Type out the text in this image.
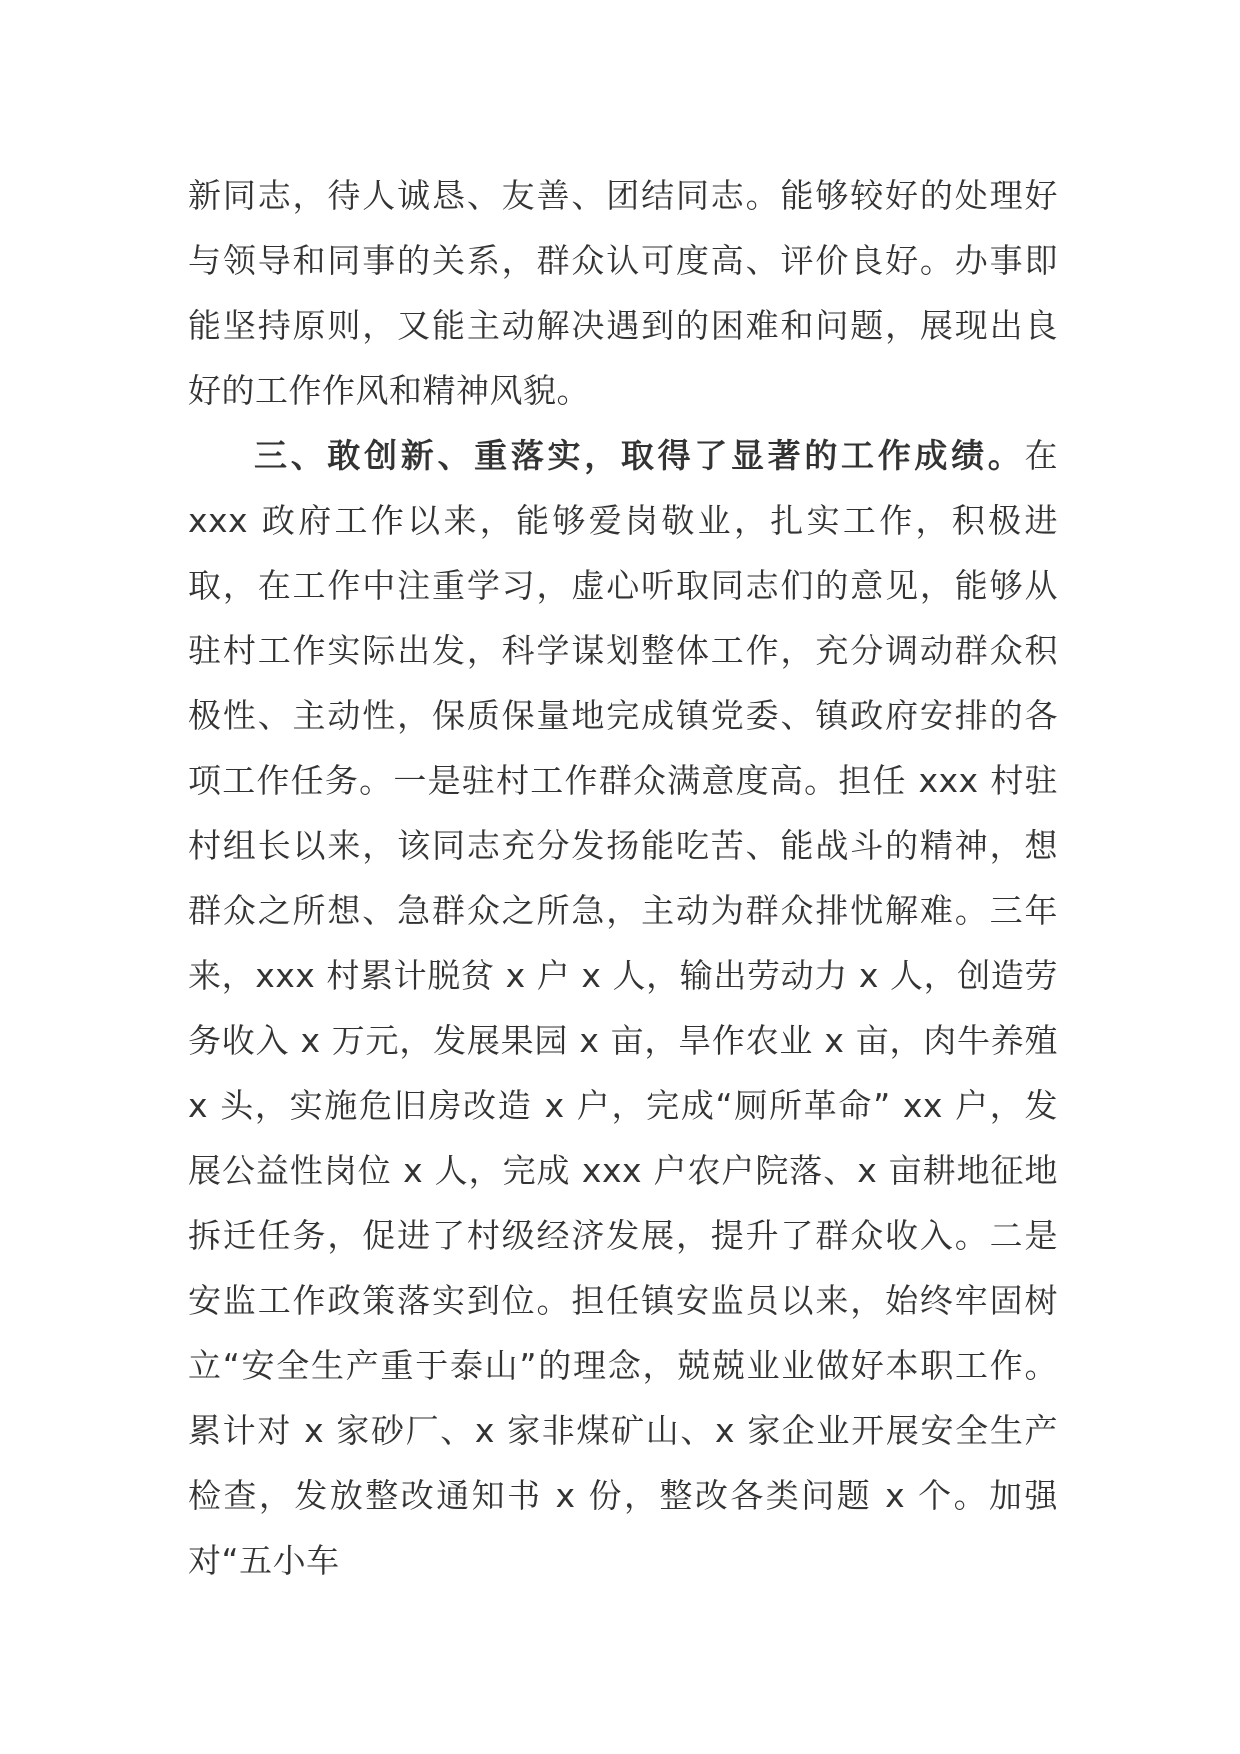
新同志，待人诚恳、友善、团结同志。能够较好的处理好与领导和同事的关系，群众认可度高、评价良好。办事即能坚持原则，又能主动解决遇到的困难和问题，展现出良好的工作作风和精神风貌。

三、敢创新、重落实，取得了显著的工作成绩。在 xxx 政府工作以来，能够爱岗敬业，扎实工作，积极进取，在工作中注重学习，虚心听取同志们的意见，能够从驻村工作实际出发，科学谋划整体工作，充分调动群众积极性、主动性，保质保量地完成镇党委、镇政府安排的各项工作任务。一是驻村工作群众满意度高。担任 xxx 村驻村组长以来，该同志充分发扬能吃苦、能战斗的精神，想群众之所想、急群众之所急，主动为群众排忧解难。三年来，xxx 村累计脱贫 x 户 x 人，输出劳动力 x 人，创造劳务收入 x 万元，发展果园 x 亩，旱作农业 x 亩，肉牛养殖 x 头，实施危旧房改造 x 户，完成“厕所革命” xx 户，发展公益性岗位 x 人，完成 xxx 户农户院落、x 亩耕地征地拆迁任务，促进了村级经济发展，提升了群众收入。二是安监工作政策落实到位。担任镇安监员以来，始终牢固树立“安全生产重于泰山”的理念，兢兢业业做好本职工作。累计对 x 家砂厂、x 家非煤矿山、x 家企业开展安全生产检查，发放整改通知书 x 份，整改各类问题 x 个。加强对“五小车
